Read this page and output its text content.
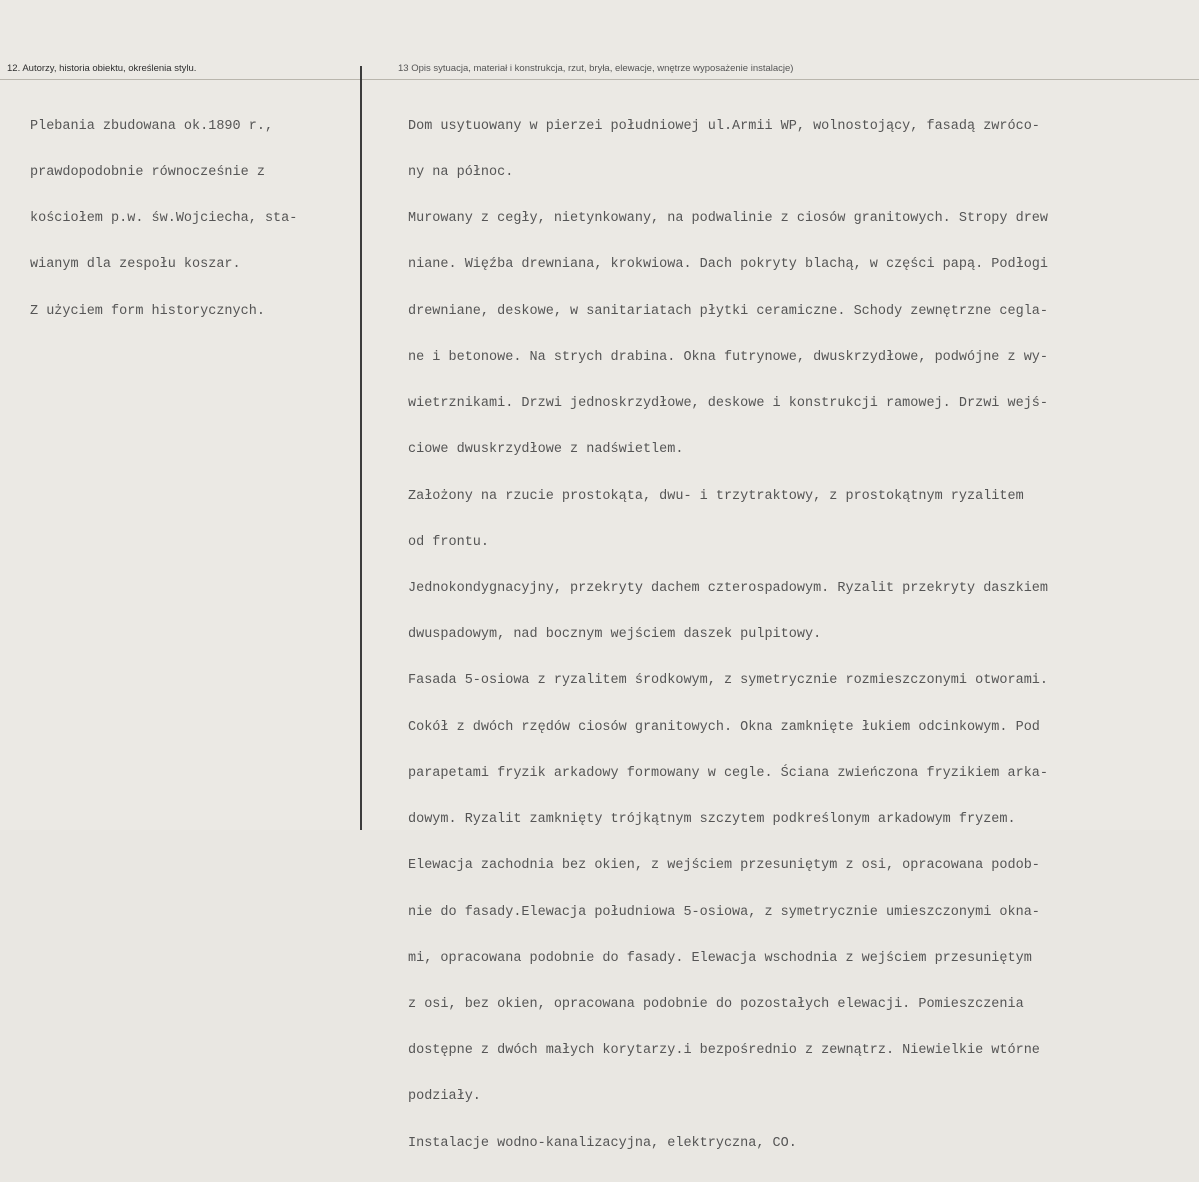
12. Autorzy, historia obiektu, określenia stylu.	13 Opis sytuacja, materiał i konstrukcja, rzut, bryła, elewacje, wnętrze wyposażenie instalacje)

Plebania zbudowana ok.1890 r.,

prawdopodobnie równocześnie z

kościołem p.w. św.Wojciecha, sta-

wianym dla zespołu koszar.

Z użyciem form historycznych.

Dom usytuowany w pierzei południowej ul.Armii WP, wolnostojący, fasadą zwróco-

ny na północ.

Murowany z cegły, nietynkowany, na podwalinie z ciosów granitowych. Stropy drew

niane. Więźba drewniana, krokwiowa. Dach pokryty blachą, w części papą. Podłogi

drewniane, deskowe, w sanitariatach płytki ceramiczne. Schody zewnętrzne cegla-

ne i betonowe. Na strych drabina. Okna futrynowe, dwuskrzydłowe, podwójne z wy-

wietrznikami. Drzwi jednoskrzydłowe, deskowe i konstrukcji ramowej. Drzwi wejś-

ciowe dwuskrzydłowe z nadświetlem.

Założony na rzucie prostokąta, dwu- i trzytraktowy, z prostokątnym ryzalitem

od frontu.

Jednokondygnacyjny, przekryty dachem czterospadowym. Ryzalit przekryty daszkiem

dwuspadowym, nad bocznym wejściem daszek pulpitowy.

Fasada 5-osiowa z ryzalitem środkowym, z symetrycznie rozmieszczonymi otworami.

Cokół z dwóch rzędów ciosów granitowych. Okna zamknięte łukiem odcinkowym. Pod

parapetami fryzik arkadowy formowany w cegle. Ściana zwieńczona fryzikiem arka-

dowym. Ryzalit zamknięty trójkątnym szczytem podkreślonym arkadowym fryzem.

Elewacja zachodnia bez okien, z wejściem przesuniętym z osi, opracowana podob-

nie do fasady.Elewacja południowa 5-osiowa, z symetrycznie umieszczonymi okna-

mi, opracowana podobnie do fasady. Elewacja wschodnia z wejściem przesuniętym

z osi, bez okien, opracowana podobnie do pozostałych elewacji. Pomieszczenia

dostępne z dwóch małych korytarzy.i bezpośrednio z zewnątrz. Niewielkie wtórne

podziały.

Instalacje wodno-kanalizacyjna, elektryczna, CO.
